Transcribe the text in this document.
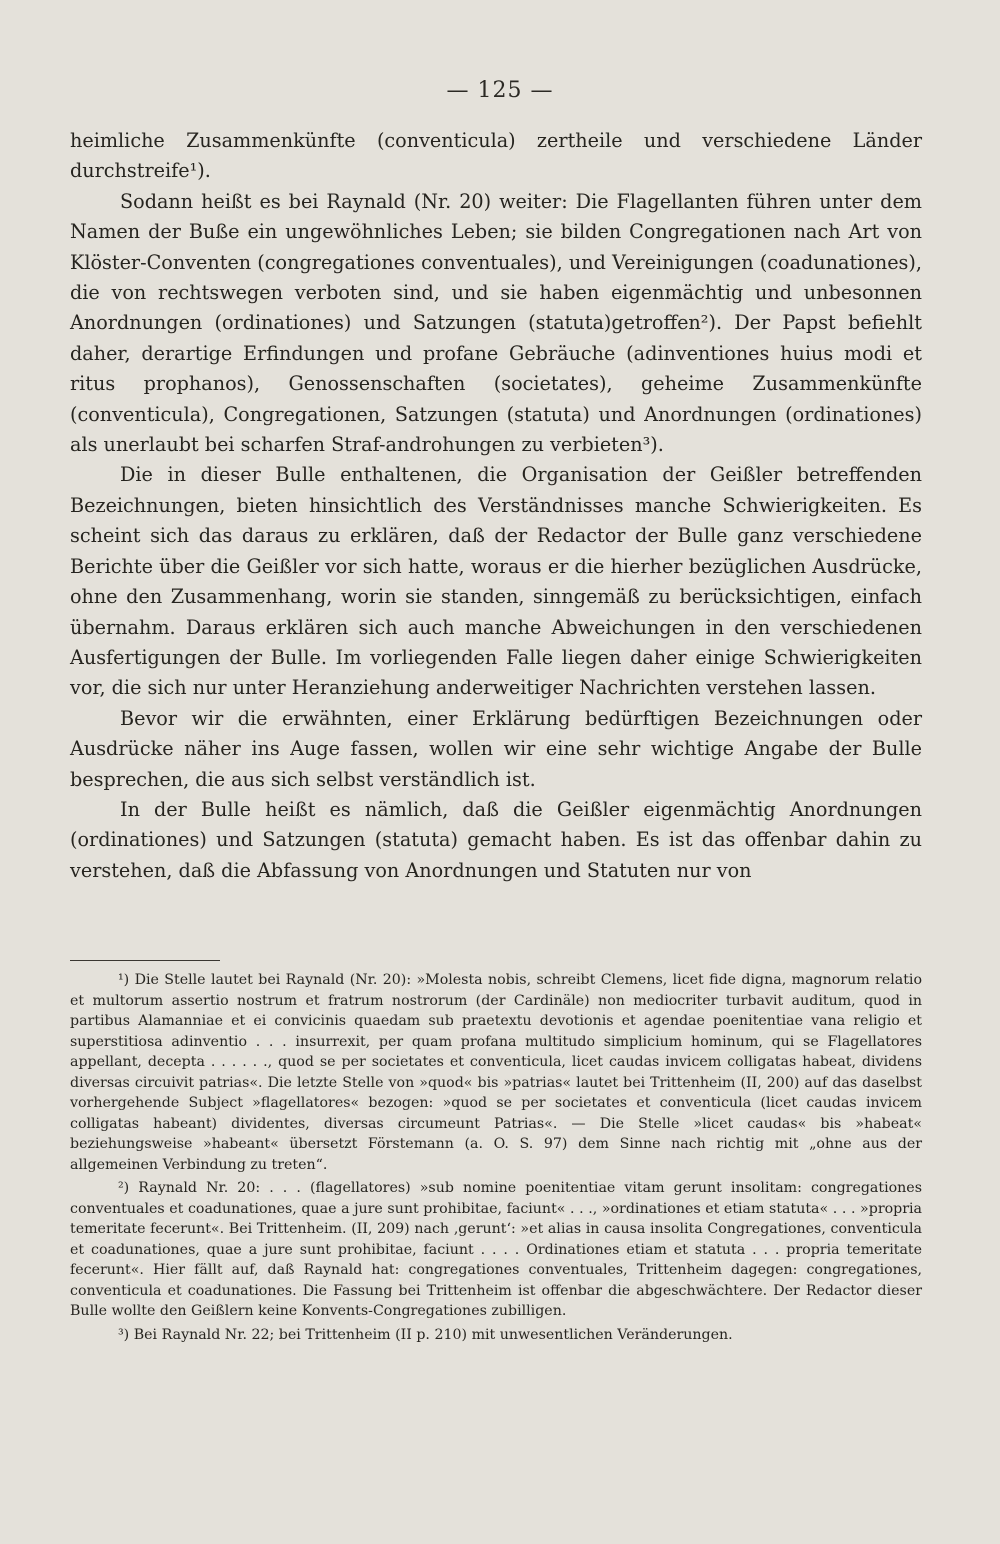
— 125 —

heimliche Zusammenkünfte (conventicula) zertheile und verschiedene Länder durchstreife¹).

Sodann heißt es bei Raynald (Nr. 20) weiter: Die Flagellanten führen unter dem Namen der Buße ein ungewöhnliches Leben; sie bilden Congregationen nach Art von Klöster-Conventen (congregationes conventuales), und Vereinigungen (coadunationes), die von rechtswegen verboten sind, und sie haben eigenmächtig und unbesonnen Anordnungen (ordinationes) und Satzungen (statuta)getroffen²). Der Papst befiehlt daher, derartige Erfindungen und profane Gebräuche (adinventiones huius modi et ritus prophanos), Genossenschaften (societates), geheime Zusammenkünfte (conventicula), Congregationen, Satzungen (statuta) und Anordnungen (ordinationes) als unerlaubt bei scharfen Straf-androhungen zu verbieten³).

Die in dieser Bulle enthaltenen, die Organisation der Geißler betreffenden Bezeichnungen, bieten hinsichtlich des Verständnisses manche Schwierigkeiten. Es scheint sich das daraus zu erklären, daß der Redactor der Bulle ganz verschiedene Berichte über die Geißler vor sich hatte, woraus er die hierher bezüglichen Ausdrücke, ohne den Zusammenhang, worin sie standen, sinngemäß zu berücksichtigen, einfach übernahm. Daraus erklären sich auch manche Abweichungen in den verschiedenen Ausfertigungen der Bulle. Im vorliegenden Falle liegen daher einige Schwierigkeiten vor, die sich nur unter Heranziehung anderweitiger Nachrichten verstehen lassen.

Bevor wir die erwähnten, einer Erklärung bedürftigen Bezeichnungen oder Ausdrücke näher ins Auge fassen, wollen wir eine sehr wichtige Angabe der Bulle besprechen, die aus sich selbst verständlich ist.

In der Bulle heißt es nämlich, daß die Geißler eigenmächtig Anordnungen (ordinationes) und Satzungen (statuta) gemacht haben. Es ist das offenbar dahin zu verstehen, daß die Abfassung von Anordnungen und Statuten nur von

¹) Die Stelle lautet bei Raynald (Nr. 20): »Molesta nobis, schreibt Clemens, licet fide digna, magnorum relatio et multorum assertio nostrum et fratrum nostrorum (der Cardinäle) non mediocriter turbavit auditum, quod in partibus Alamanniae et ei convicinis quaedam sub praetextu devotionis et agendae poenitentiae vana religio et superstitiosa adinventio . . . insurrexit, per quam profana multitudo simplicium hominum, qui se Flagellatores appellant, decepta . . . . . ., quod se per societates et conventicula, licet caudas invicem colligatas habeat, dividens diversas circuivit patrias«. Die letzte Stelle von »quod« bis »patrias« lautet bei Trittenheim (II, 200) auf das daselbst vorhergehende Subject »flagellatores« bezogen: »quod se per societates et conventicula (licet caudas invicem colligatas habeant) dividentes, diversas circumeunt Patrias«. — Die Stelle »licet caudas« bis »habeat« beziehungsweise »habeant« übersetzt Förstemann (a. O. S. 97) dem Sinne nach richtig mit „ohne aus der allgemeinen Verbindung zu treten“.

²) Raynald Nr. 20: . . . (flagellatores) »sub nomine poenitentiae vitam gerunt insolitam: congregationes conventuales et coadunationes, quae a jure sunt prohibitae, faciunt« . . ., »ordinationes et etiam statuta« . . . »propria temeritate fecerunt«. Bei Trittenheim. (II, 209) nach ‚gerunt‘: »et alias in causa insolita Congregationes, conventicula et coadunationes, quae a jure sunt prohibitae, faciunt . . . . Ordinationes etiam et statuta . . . propria temeritate fecerunt«. Hier fällt auf, daß Raynald hat: congregationes conventuales, Trittenheim dagegen: congregationes, conventicula et coadunationes. Die Fassung bei Trittenheim ist offenbar die abgeschwächtere. Der Redactor dieser Bulle wollte den Geißlern keine Konvents-Congregationes zubilligen.

³) Bei Raynald Nr. 22; bei Trittenheim (II p. 210) mit unwesentlichen Veränderungen.
